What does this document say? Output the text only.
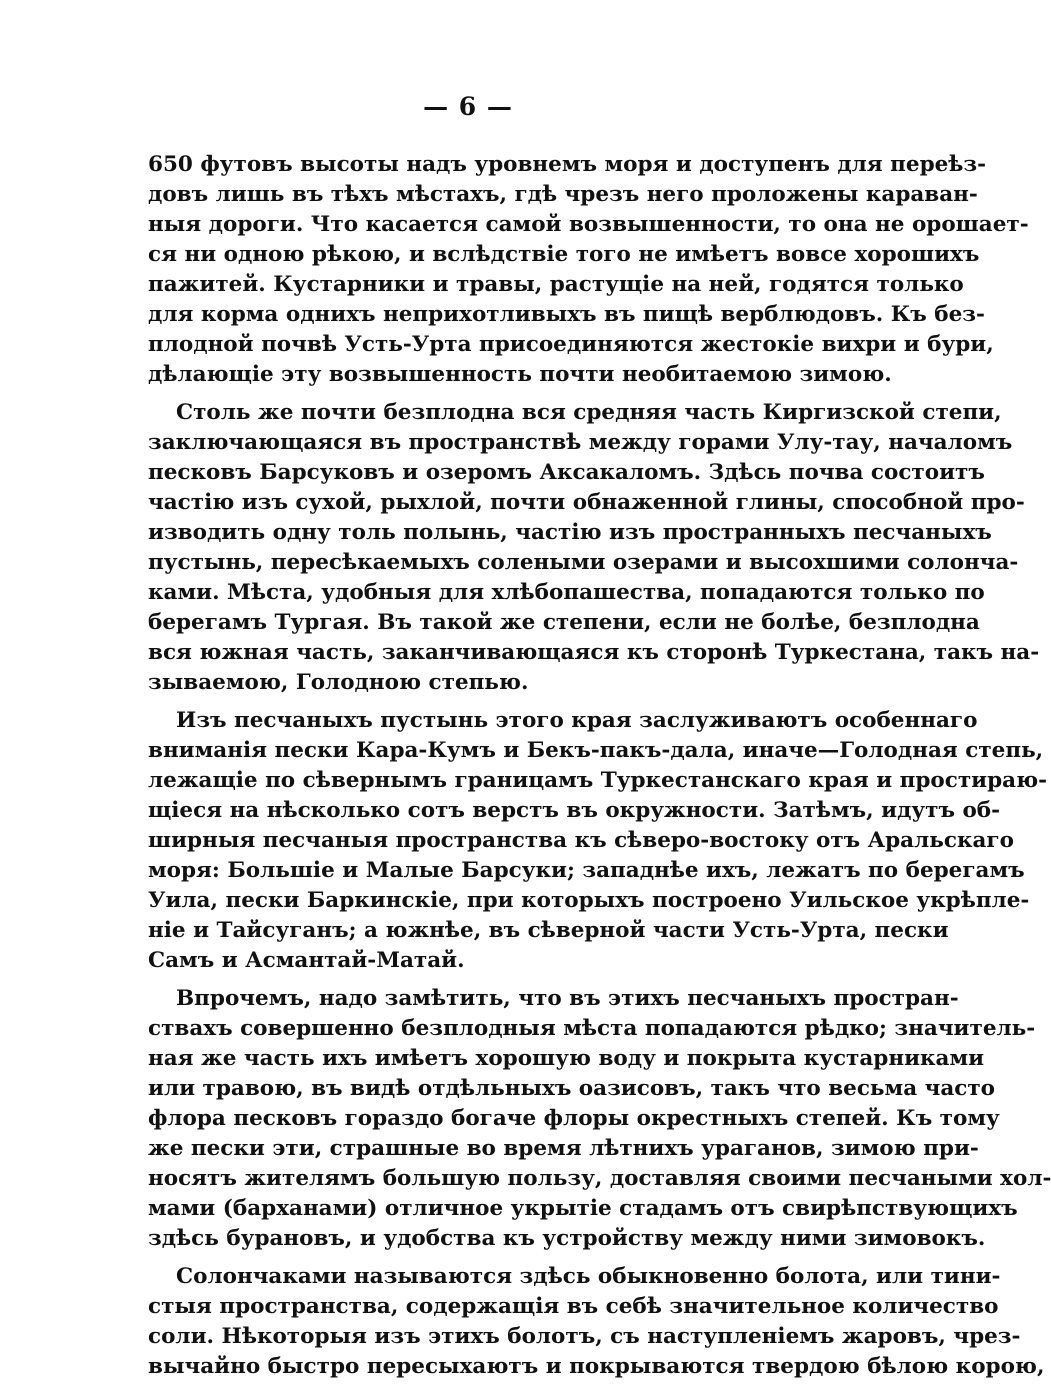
— 6 —
650 футовъ высоты надъ уровнемъ моря и доступенъ для переѣз-
довъ лишь въ тѣхъ мѣстахъ, гдѣ чрезъ него проложены караван-
ныя дороги. Что касается самой возвышенности, то она не орошает-
ся ни одною рѣкою, и вслѣдствіе того не имѣетъ вовсе хорошихъ
пажитей. Кустарники и травы, растущіе на ней, годятся только
для корма однихъ неприхотливыхъ въ пищѣ верблюдовъ. Къ без-
плодной почвѣ Усть-Урта присоединяются жестокіе вихри и бури,
дѣлающіе эту возвышенность почти необитаемою зимою.
Столь же почти безплодна вся средняя часть Киргизской степи,
заключающаяся въ пространствѣ между горами Улу-тау, началомъ
песковъ Барсуковъ и озеромъ Аксакаломъ. Здѣсь почва состоитъ
частію изъ сухой, рыхлой, почти обнаженной глины, способной про-
изводить одну толь полынь, частію изъ пространныхъ песчаныхъ
пустынь, пересѣкаемыхъ солеными озерами и высохшими солонча-
ками. Мѣста, удобныя для хлѣбопашества, попадаются только по
берегамъ Тургая. Въ такой же степени, если не болѣе, безплодна
вся южная часть, заканчивающаяся къ сторонѣ Туркестана, такъ на-
зываемою, Голодною степью.
Изъ песчаныхъ пустынь этого края заслуживаютъ особеннаго
вниманія пески Кара-Кумъ и Бекъ-пакъ-дала, иначе—Голодная степь,
лежащіе по сѣвернымъ границамъ Туркестанскаго края и простираю-
щіеся на нѣсколько сотъ верстъ въ окружности. Затѣмъ, идутъ об-
ширныя песчаныя пространства къ сѣверо-востоку отъ Аральскаго
моря: Большіе и Малые Барсуки; западнѣе ихъ, лежатъ по берегамъ
Уила, пески Баркинскіе, при которыхъ построено Уильское укрѣпле-
ніе и Тайсуганъ; а южнѣе, въ сѣверной части Усть-Урта, пески
Самъ и Асмантай-Матай.
Впрочемъ, надо замѣтить, что въ этихъ песчаныхъ простран-
ствахъ совершенно безплодныя мѣста попадаются рѣдко; значитель-
ная же часть ихъ имѣетъ хорошую воду и покрыта кустарниками
или травою, въ видѣ отдѣльныхъ оазисовъ, такъ что весьма часто
флора песковъ гораздо богаче флоры окрестныхъ степей. Къ тому
же пески эти, страшные во время лѣтнихъ ураганов, зимою при-
носятъ жителямъ большую пользу, доставляя своими песчаными хол-
мами (барханами) отличное укрытіе стадамъ отъ свирѣпствующихъ
здѣсь бурановъ, и удобства къ устройству между ними зимовокъ.
Солончаками называются здѣсь обыкновенно болота, или тини-
стыя пространства, содержащія въ себѣ значительное количество
соли. Нѣкоторыя изъ этихъ болотъ, съ наступленіемъ жаровъ, чрез-
вычайно быстро пересыхаютъ и покрываются твердою бѣлою корою,
